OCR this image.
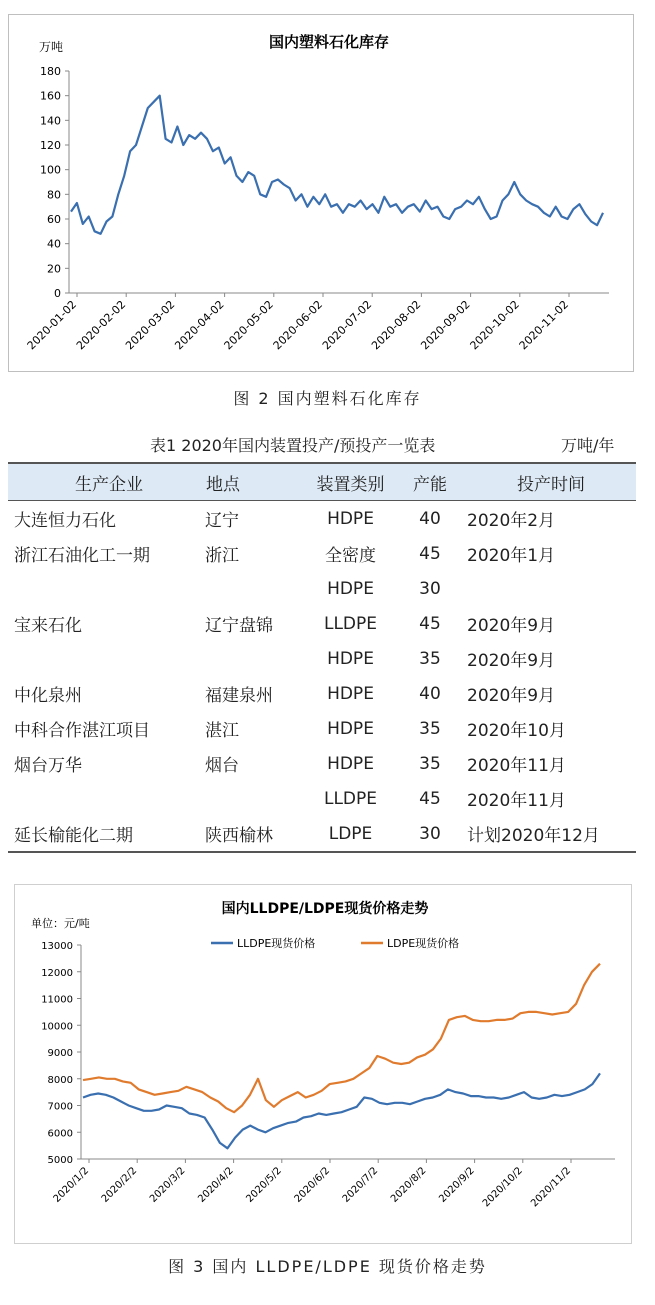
国内塑料石化库存
万吨
0
20
40
60
80
100
120
140
160
180
2020-01-02
2020-02-02
2020-03-02
2020-04-02
2020-05-02
2020-06-02
2020-07-02
2020-08-02
2020-09-02
2020-10-02
2020-11-02
图 2 国内塑料石化库存
表1 2020年国内装置投产/预投产一览表	万吨/年
生产企业	地点	装置类别	产能	投产时间
大连恒力石化	辽宁	HDPE	40	2020年2月
浙江石油化工一期	浙江	全密度	45	2020年1月
		HDPE	30	
宝来石化	辽宁盘锦	LLDPE	45	2020年9月
		HDPE	35	2020年9月
中化泉州	福建泉州	HDPE	40	2020年9月
中科合作湛江项目	湛江	HDPE	35	2020年10月
烟台万华	烟台	HDPE	35	2020年11月
		LLDPE	45	2020年11月
延长榆能化二期	陕西榆林	LDPE	30	计划2020年12月
国内LLDPE/LDPE现货价格走势
单位：元/吨
LLDPE现货价格	LDPE现货价格
5000
6000
7000
8000
9000
10000
11000
12000
13000
2020/1/2 2020/2/2 2020/3/2 2020/4/2 2020/5/2 2020/6/2 2020/7/2 2020/8/2 2020/9/2 2020/10/2 2020/11/2
图 3 国内 LLDPE/LDPE 现货价格走势
